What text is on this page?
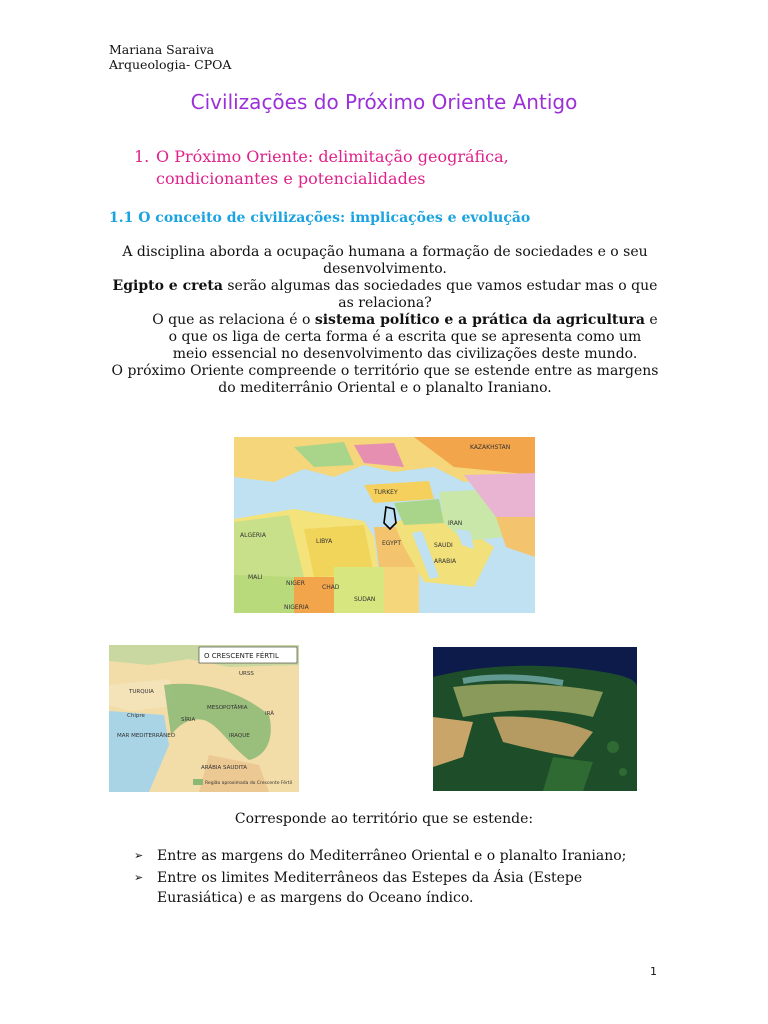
Mariana Saraiva
Arqueologia- CPOA
Civilizações do Próximo Oriente Antigo
1. O Próximo Oriente: delimitação geográfica, condicionantes e potencialidades
1.1 O conceito de civilizações: implicações e evolução

A disciplina aborda a ocupação humana a formação de sociedades e o seu desenvolvimento.

Egipto e creta serão algumas das sociedades que vamos estudar mas o que as relaciona?

O que as relaciona é o sistema político e a prática da agricultura e o que os liga de certa forma é a escrita que se apresenta como um meio essencial no desenvolvimento das civilizações deste mundo.

O próximo Oriente compreende o território que se estende entre as margens do mediterrânio Oriental e o planalto Iraniano.

KAZAKHSTAN
TURKEY
IRAN
ALGERIA
LIBYA	EGYPT	SAUDI
ARABIA
MALI
NIGER
CHAD
SUDAN
NIGERIA
O CRESCENTE FÉRTIL
URSS
TURQUIA
Chipre
SÍRIA
MESOPOTÂMIA
IRÃ
IRAQUE
MAR MEDITERRÂNEO
ARÁBIA SAUDITA
Região aproximada do Crescente Fértil
Corresponde ao território que se estende:
➢ Entre as margens do Mediterrâneo Oriental e o planalto Iraniano;
➢ Entre os limites Mediterrâneos das Estepes da Ásia (Estepe Eurasiática) e as margens do Oceano índico.
1
